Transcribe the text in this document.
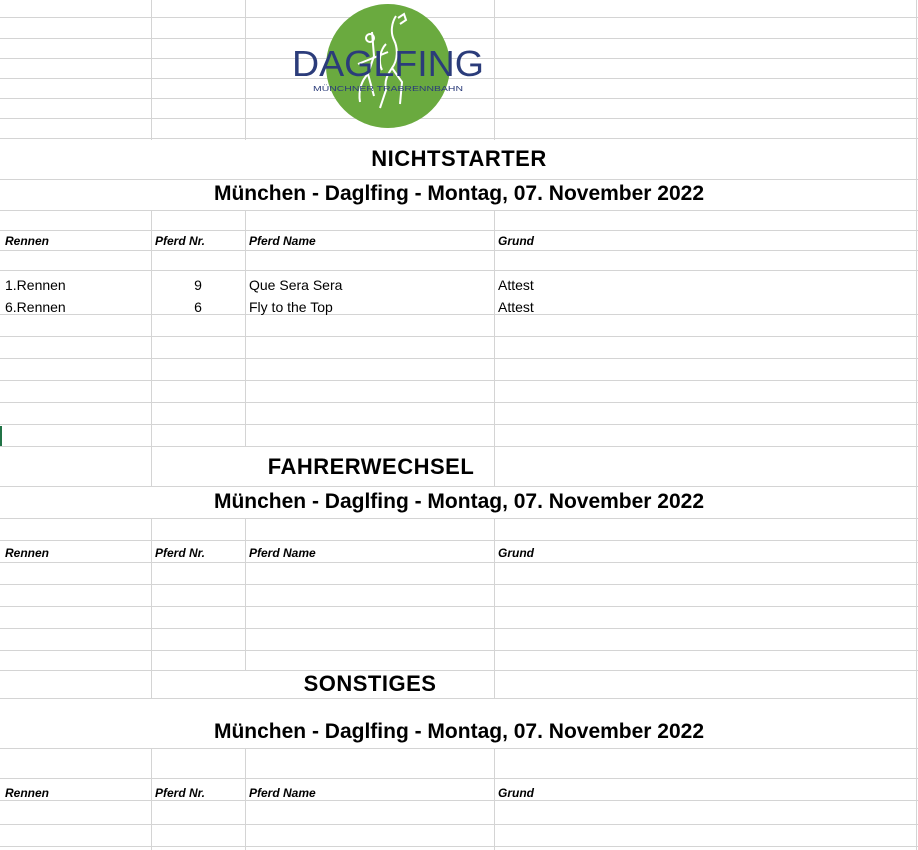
DAGLFING
MÜNCHNER TRABRENNBAHN
NICHTSTARTER
München - Daglfing - Montag, 07. November 2022
Rennen	Pferd Nr.	Pferd Name	Grund
1.Rennen	9	Que Sera Sera	Attest
6.Rennen	6	Fly to the Top	Attest
FAHRERWECHSEL
München - Daglfing - Montag, 07. November 2022
Rennen	Pferd Nr.	Pferd Name	Grund
SONSTIGES
München - Daglfing - Montag, 07. November 2022
Rennen	Pferd Nr.	Pferd Name	Grund
